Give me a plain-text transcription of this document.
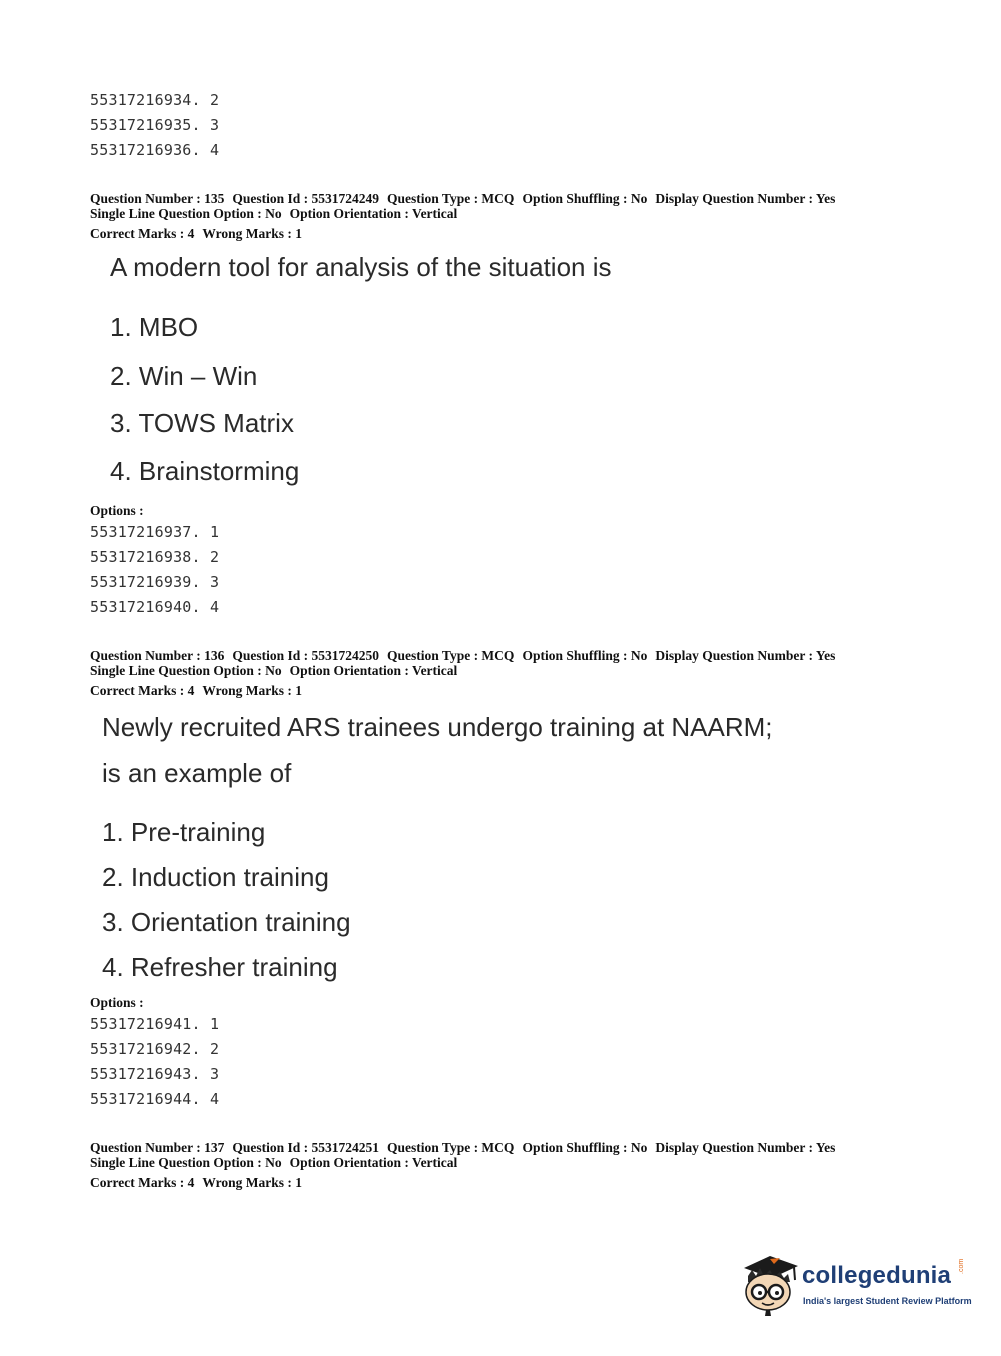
55317216934. 2
55317216935. 3
55317216936. 4
Question Number : 135 Question Id : 5531724249 Question Type : MCQ Option Shuffling : No Display Question Number : Yes
Single Line Question Option : No Option Orientation : Vertical
Correct Marks : 4 Wrong Marks : 1
A modern tool for analysis of the situation is
1. MBO
2. Win – Win
3. TOWS Matrix
4. Brainstorming
Options :
55317216937. 1
55317216938. 2
55317216939. 3
55317216940. 4
Question Number : 136 Question Id : 5531724250 Question Type : MCQ Option Shuffling : No Display Question Number : Yes
Single Line Question Option : No Option Orientation : Vertical
Correct Marks : 4 Wrong Marks : 1
Newly recruited ARS trainees undergo training at NAARM;
is an example of
1. Pre-training
2. Induction training
3. Orientation training
4. Refresher training
Options :
55317216941. 1
55317216942. 2
55317216943. 3
55317216944. 4
Question Number : 137 Question Id : 5531724251 Question Type : MCQ Option Shuffling : No Display Question Number : Yes
Single Line Question Option : No Option Orientation : Vertical
Correct Marks : 4 Wrong Marks : 1
collegedunia .com
India's largest Student Review Platform
